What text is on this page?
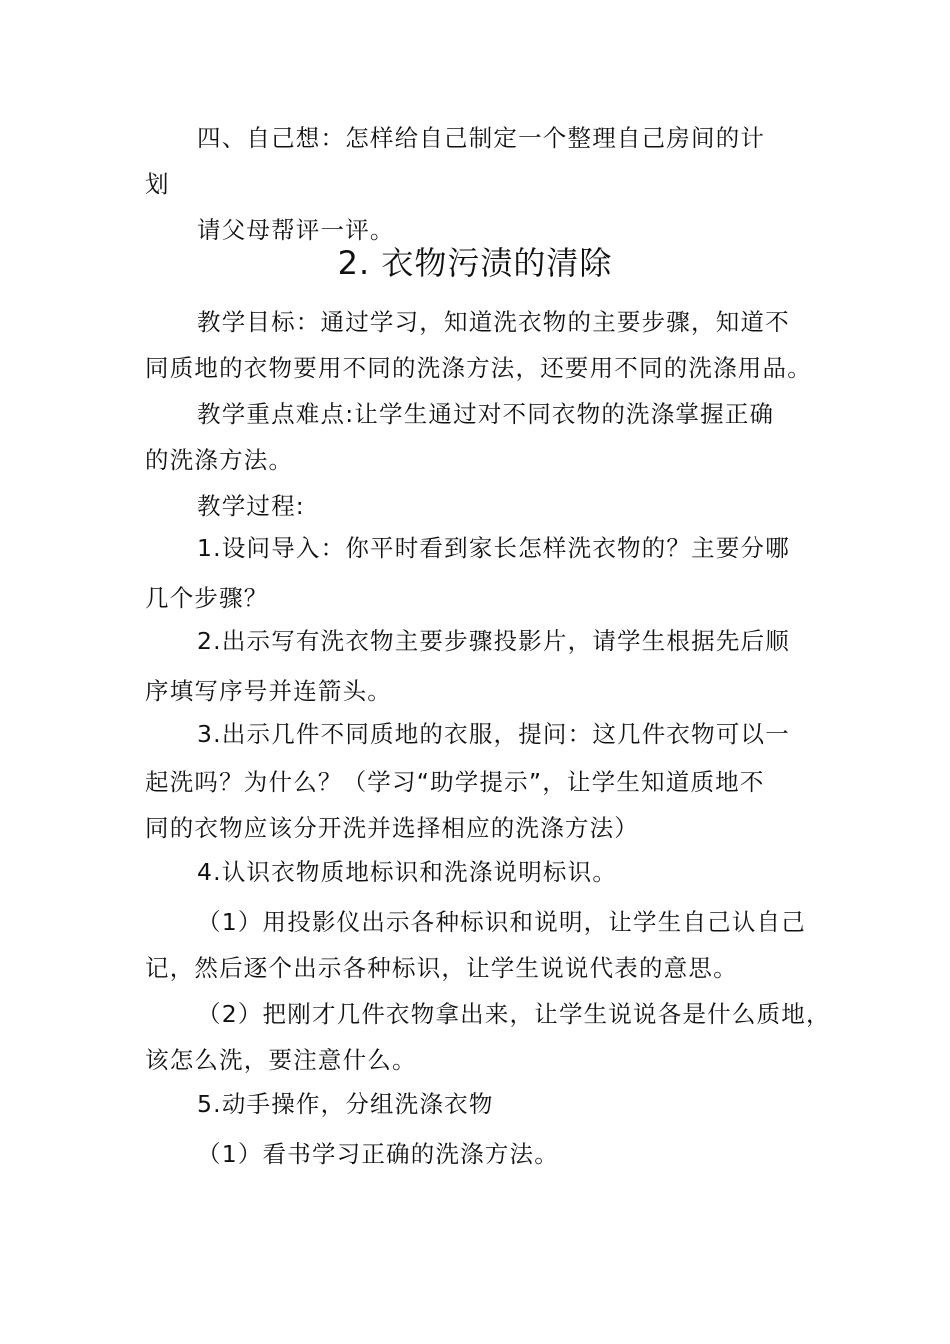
四、自己想：怎样给自己制定一个整理自己房间的计
划
请父母帮评一评。
2. 衣物污渍的清除
教学目标：通过学习，知道洗衣物的主要步骤，知道不
同质地的衣物要用不同的洗涤方法，还要用不同的洗涤用品。
教学重点难点:让学生通过对不同衣物的洗涤掌握正确
的洗涤方法。
教学过程:
1.设问导入：你平时看到家长怎样洗衣物的？主要分哪
几个步骤？
2.出示写有洗衣物主要步骤投影片，请学生根据先后顺
序填写序号并连箭头。
3.出示几件不同质地的衣服，提问：这几件衣物可以一
起洗吗？为什么？（学习“助学提示”，让学生知道质地不
同的衣物应该分开洗并选择相应的洗涤方法）
4.认识衣物质地标识和洗涤说明标识。
（1）用投影仪出示各种标识和说明，让学生自己认自己
记，然后逐个出示各种标识，让学生说说代表的意思。
（2）把刚才几件衣物拿出来，让学生说说各是什么质地，
该怎么洗，要注意什么。
5.动手操作，分组洗涤衣物
（1）看书学习正确的洗涤方法。
